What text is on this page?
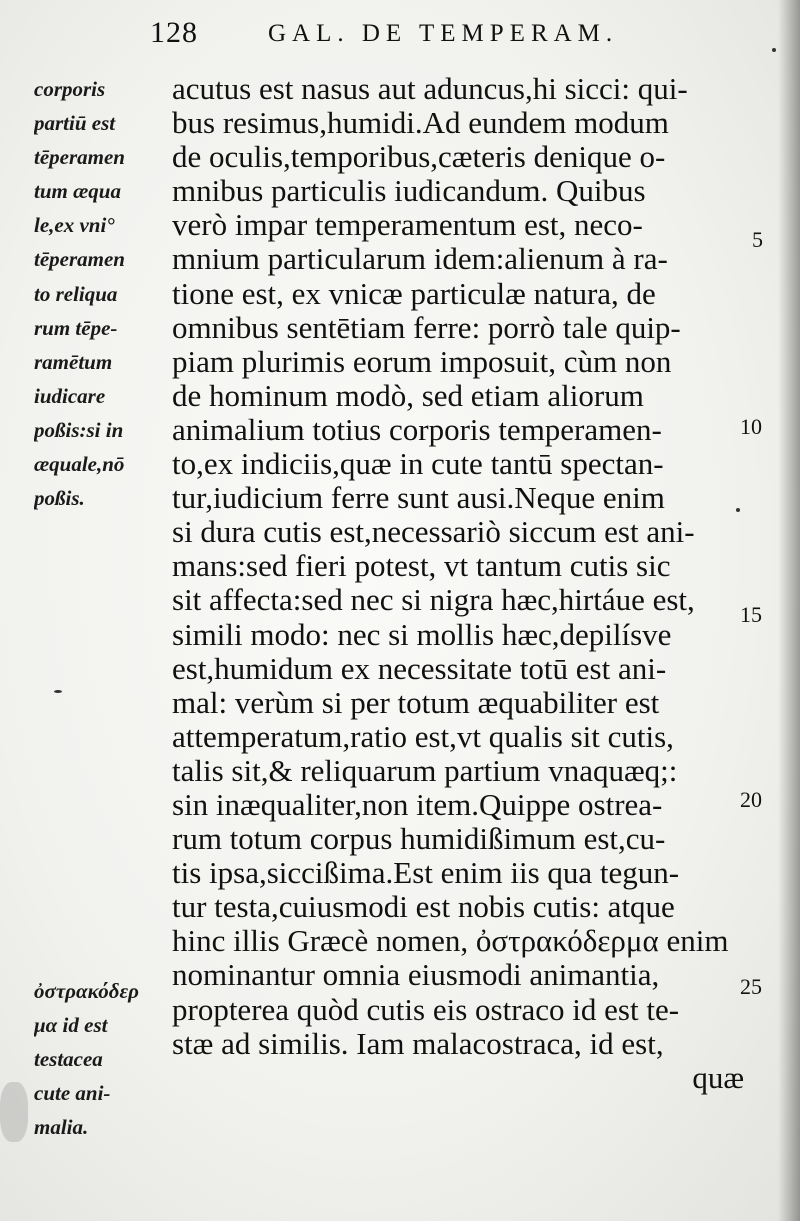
128	GAL. DE TEMPERAM.
corporis
partiū est
tēperamen
tum æqua
le,ex vni°
tēperamen
to reliqua
rum tēpe-
ramētum
iudicare
poßis:si in
æquale,nō
poßis.
ὀστρακόδερ
μα id est
testacea
cute ani-
malia.
acutus est nasus aut aduncus,hi sicci: qui-
bus resimus,humidi.Ad eundem modum
de oculis,temporibus,cæteris denique o-
mnibus particulis iudicandum. Quibus
verò impar temperamentum est, neco-
mnium particularum idem:alienum à ra-
tione est, ex vnicæ particulæ natura, de
omnibus sentētiam ferre: porrò tale quip-
piam plurimis eorum imposuit, cùm non
de hominum modò, sed etiam aliorum
animalium totius corporis temperamen-
to,ex indiciis,quæ in cute tantū spectan-
tur,iudicium ferre sunt ausi.Neque enim
si dura cutis est,necessariò siccum est ani-
mans:sed fieri potest, vt tantum cutis sic
sit affecta:sed nec si nigra hæc,hirtáue est,
simili modo: nec si mollis hæc,depilísve
est,humidum ex necessitate totū est ani-
mal: verùm si per totum æquabiliter est
attemperatum,ratio est,vt qualis sit cutis,
talis sit,& reliquarum partium vnaquæq;:
sin inæqualiter,non item.Quippe ostrea-
rum totum corpus humidißimum est,cu-
tis ipsa,siccißima.Est enim iis qua tegun-
tur testa,cuiusmodi est nobis cutis: atque
hinc illis Græcè nomen, ὀστρακόδερμα enim
nominantur omnia eiusmodi animantia,
propterea quòd cutis eis ostraco id est te-
stæ ad similis. Iam malacostraca, id est,
quæ
5
10
15
20
25
